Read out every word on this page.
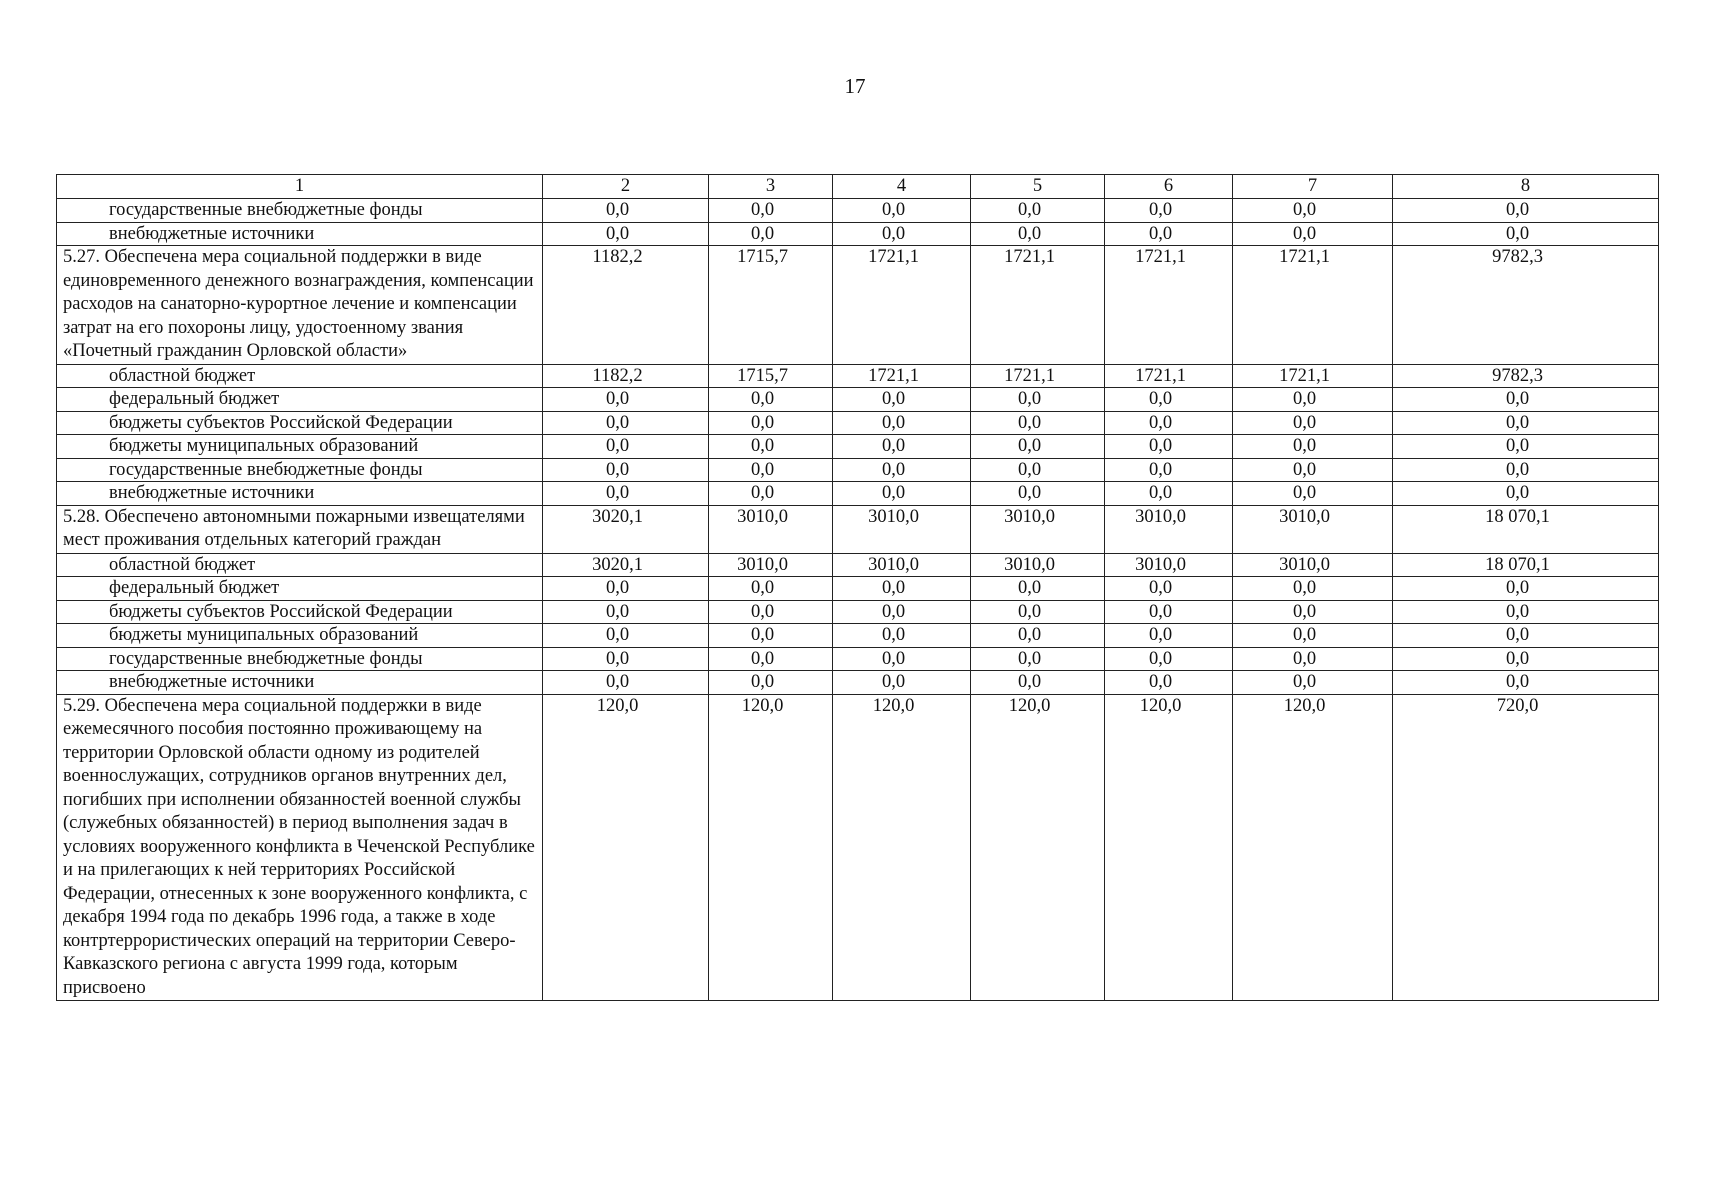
17
1	2	3	4	5	6	7	8
государственные внебюджетные фонды	0,0	0,0	0,0	0,0	0,0	0,0	0,0
внебюджетные источники	0,0	0,0	0,0	0,0	0,0	0,0	0,0
5.27. Обеспечена мера социальной поддержки в виде единовременного денежного вознаграждения, компенсации расходов на санаторно-курортное лечение и компенсации затрат на его похороны лицу, удостоенному звания «Почетный гражданин Орловской области»	1182,2	1715,7	1721,1	1721,1	1721,1	1721,1	9782,3
областной бюджет	1182,2	1715,7	1721,1	1721,1	1721,1	1721,1	9782,3
федеральный бюджет	0,0	0,0	0,0	0,0	0,0	0,0	0,0
бюджеты субъектов Российской Федерации	0,0	0,0	0,0	0,0	0,0	0,0	0,0
бюджеты муниципальных образований	0,0	0,0	0,0	0,0	0,0	0,0	0,0
государственные внебюджетные фонды	0,0	0,0	0,0	0,0	0,0	0,0	0,0
внебюджетные источники	0,0	0,0	0,0	0,0	0,0	0,0	0,0
5.28. Обеспечено автономными пожарными извещателями мест проживания отдельных категорий граждан	3020,1	3010,0	3010,0	3010,0	3010,0	3010,0	18 070,1
областной бюджет	3020,1	3010,0	3010,0	3010,0	3010,0	3010,0	18 070,1
федеральный бюджет	0,0	0,0	0,0	0,0	0,0	0,0	0,0
бюджеты субъектов Российской Федерации	0,0	0,0	0,0	0,0	0,0	0,0	0,0
бюджеты муниципальных образований	0,0	0,0	0,0	0,0	0,0	0,0	0,0
государственные внебюджетные фонды	0,0	0,0	0,0	0,0	0,0	0,0	0,0
внебюджетные источники	0,0	0,0	0,0	0,0	0,0	0,0	0,0
5.29. Обеспечена мера социальной поддержки в виде ежемесячного пособия постоянно проживающему на территории Орловской области одному из родителей военнослужащих, сотрудников органов внутренних дел, погибших при исполнении обязанностей военной службы (служебных обязанностей) в период выполнения задач в условиях вооруженного конфликта в Чеченской Республике и на прилегающих к ней территориях Российской Федерации, отнесенных к зоне вооруженного конфликта, с декабря 1994 года по декабрь 1996 года, а также в ходе контртеррористических операций на территории Северо-Кавказского региона с августа 1999 года, которым присвоено	120,0	120,0	120,0	120,0	120,0	120,0	720,0
